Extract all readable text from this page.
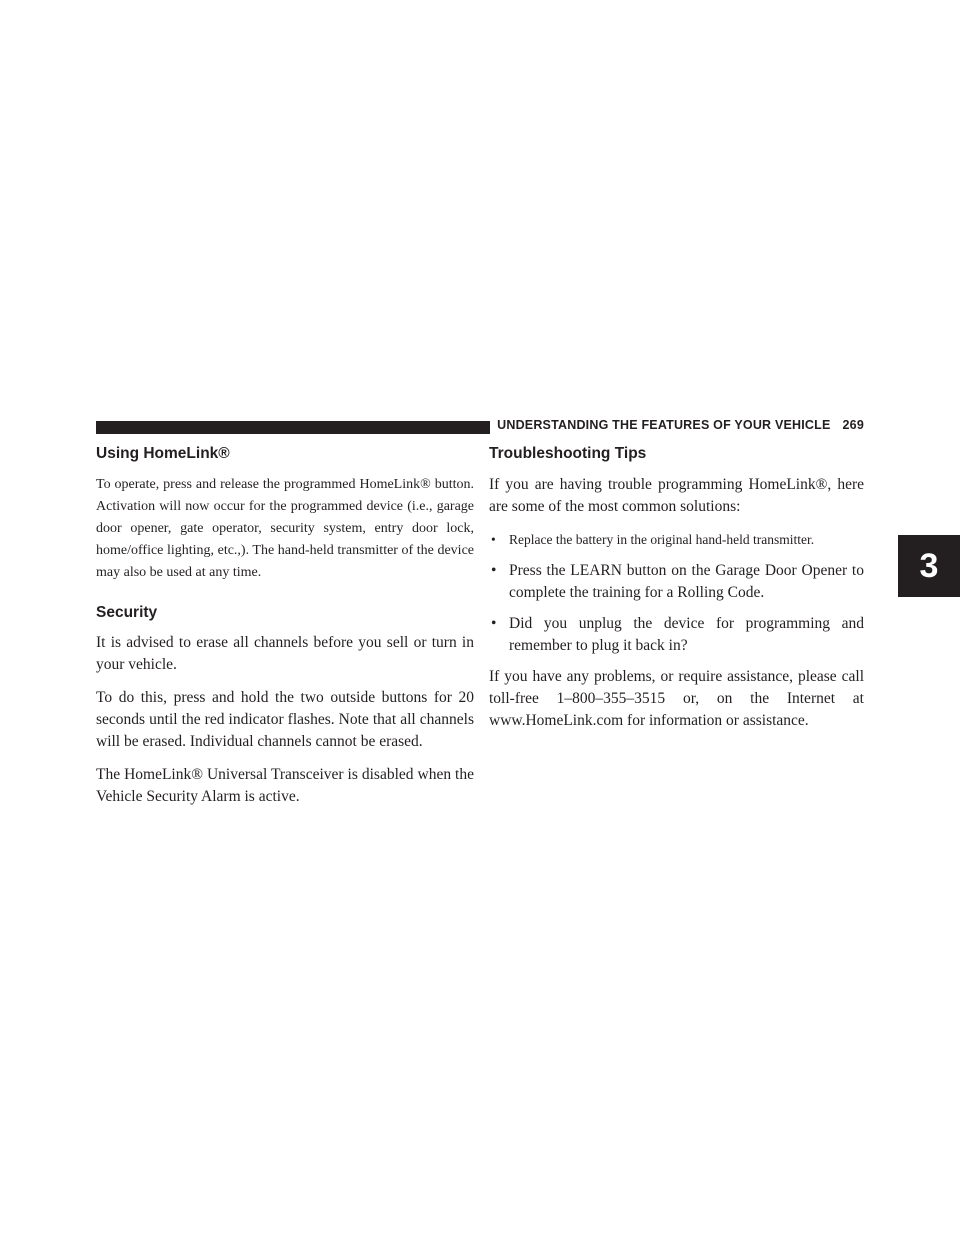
UNDERSTANDING THE FEATURES OF YOUR VEHICLE 269
3
Using HomeLink®

To operate, press and release the programmed HomeLink® button. Activation will now occur for the programmed device (i.e., garage door opener, gate operator, security system, entry door lock, home/office lighting, etc.,). The hand-held transmitter of the device may also be used at any time.

Security

It is advised to erase all channels before you sell or turn in your vehicle.

To do this, press and hold the two outside buttons for 20 seconds until the red indicator flashes. Note that all channels will be erased. Individual channels cannot be erased.

The HomeLink® Universal Transceiver is disabled when the Vehicle Security Alarm is active.

Troubleshooting Tips

If you are having trouble programming HomeLink®, here are some of the most common solutions:

• Replace the battery in the original hand-held transmitter.
• Press the LEARN button on the Garage Door Opener to complete the training for a Rolling Code.
• Did you unplug the device for programming and remember to plug it back in?

If you have any problems, or require assistance, please call toll-free 1–800–355–3515 or, on the Internet at www.HomeLink.com for information or assistance.
